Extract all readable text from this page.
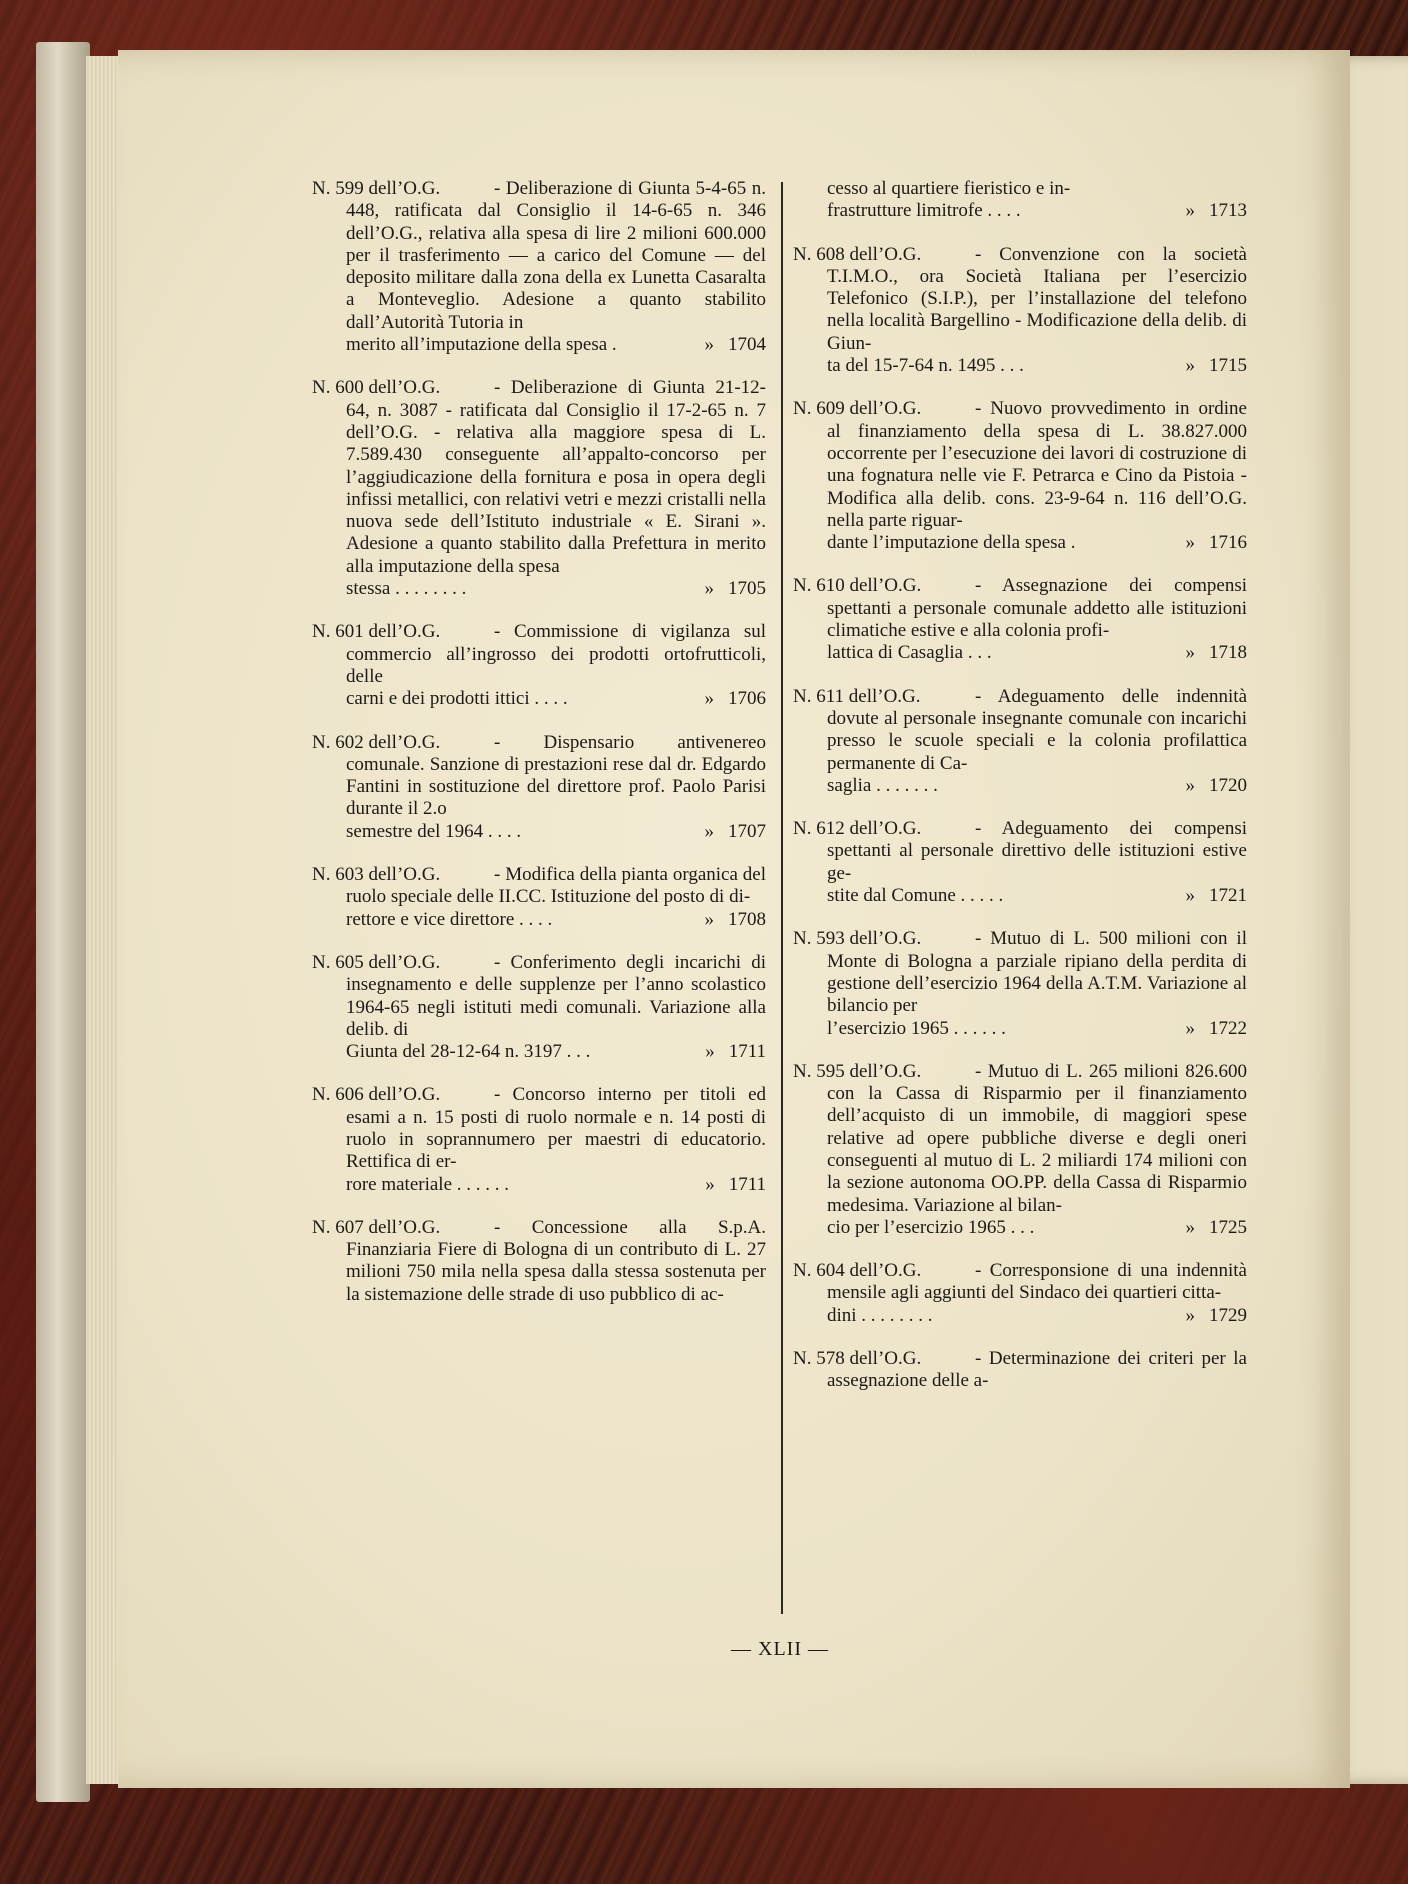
N. 599 dell’O.G.	- Deliberazione di Giunta 5-4-65 n. 448, ratificata dal Consiglio il 14-6-65 n. 346 dell’O.G., relativa alla spesa di lire 2 milioni 600.000 per il trasferimento — a carico del Comune — del deposito militare dalla zona della ex Lunetta Casaralta a Monteveglio. Adesione a quanto stabilito dall’Autorità Tutoria in
merito all’imputazione della spesa .	» 1704
N. 600 dell’O.G.	- Deliberazione di Giunta 21-12-64, n. 3087 - ratificata dal Consiglio il 17-2-65 n. 7 dell’O.G. - relativa alla maggiore spesa di L. 7.589.430 conseguente all’appalto-concorso per l’aggiudicazione della fornitura e posa in opera degli infissi metallici, con relativi vetri e mezzi cristalli nella nuova sede dell’Istituto industriale « E. Sirani ». Adesione a quanto stabilito dalla Prefettura in merito alla imputazione della spesa
stessa . . . . . . . .	» 1705
N. 601 dell’O.G.	- Commissione di vigilanza sul commercio all’ingrosso dei prodotti ortofrutticoli, delle
carni e dei prodotti ittici . . . .	» 1706
N. 602 dell’O.G.	- Dispensario antivenereo comunale. Sanzione di prestazioni rese dal dr. Edgardo Fantini in sostituzione del direttore prof. Paolo Parisi durante il 2.o
semestre del 1964 . . . .	» 1707
N. 603 dell’O.G.	- Modifica della pianta organica del ruolo speciale delle II.CC. Istituzione del posto di di-
rettore e vice direttore . . . .	» 1708
N. 605 dell’O.G.	- Conferimento degli incarichi di insegnamento e delle supplenze per l’anno scolastico 1964-65 negli istituti medi comunali. Variazione alla delib. di
Giunta del 28-12-64 n. 3197 . . .	» 1711
N. 606 dell’O.G.	- Concorso interno per titoli ed esami a n. 15 posti di ruolo normale e n. 14 posti di ruolo in soprannumero per maestri di educatorio. Rettifica di er-
rore materiale . . . . . .	» 1711
N. 607 dell’O.G.	- Concessione alla S.p.A. Finanziaria Fiere di Bologna di un contributo di L. 27 milioni 750 mila nella spesa dalla stessa sostenuta per la sistemazione delle strade di uso pubblico di ac-
cesso al quartiere fieristico e in-
frastrutture limitrofe . . . .	» 1713
N. 608 dell’O.G.	- Convenzione con la società T.I.M.O., ora Società Italiana per l’esercizio Telefonico (S.I.P.), per l’installazione del telefono nella località Bargellino - Modificazione della delib. di Giun-
ta del 15-7-64 n. 1495 . . .	» 1715
N. 609 dell’O.G.	- Nuovo provvedimento in ordine al finanziamento della spesa di L. 38.827.000 occorrente per l’esecuzione dei lavori di costruzione di una fognatura nelle vie F. Petrarca e Cino da Pistoia - Modifica alla delib. cons. 23-9-64 n. 116 dell’O.G. nella parte riguar-
dante l’imputazione della spesa .	» 1716
N. 610 dell’O.G.	- Assegnazione dei compensi spettanti a personale comunale addetto alle istituzioni climatiche estive e alla colonia profi-
lattica di Casaglia . . .	» 1718
N. 611 dell’O.G.	- Adeguamento delle indennità dovute al personale insegnante comunale con incarichi presso le scuole speciali e la colonia profilattica permanente di Ca-
saglia . . . . . . .	» 1720
N. 612 dell’O.G.	- Adeguamento dei compensi spettanti al personale direttivo delle istituzioni estive ge-
stite dal Comune . . . . .	» 1721
N. 593 dell’O.G.	- Mutuo di L. 500 milioni con il Monte di Bologna a parziale ripiano della perdita di gestione dell’esercizio 1964 della A.T.M. Variazione al bilancio per
l’esercizio 1965 . . . . . .	» 1722
N. 595 dell’O.G.	- Mutuo di L. 265 milioni 826.600 con la Cassa di Risparmio per il finanziamento dell’acquisto di un immobile, di maggiori spese relative ad opere pubbliche diverse e degli oneri conseguenti al mutuo di L. 2 miliardi 174 milioni con la sezione autonoma OO.PP. della Cassa di Risparmio medesima. Variazione al bilan-
cio per l’esercizio 1965 . . .	» 1725
N. 604 dell’O.G.	- Corresponsione di una indennità mensile agli aggiunti del Sindaco dei quartieri citta-
dini . . . . . . . .	» 1729
N. 578 dell’O.G.	- Determinazione dei criteri per la assegnazione delle a-
— XLII —
